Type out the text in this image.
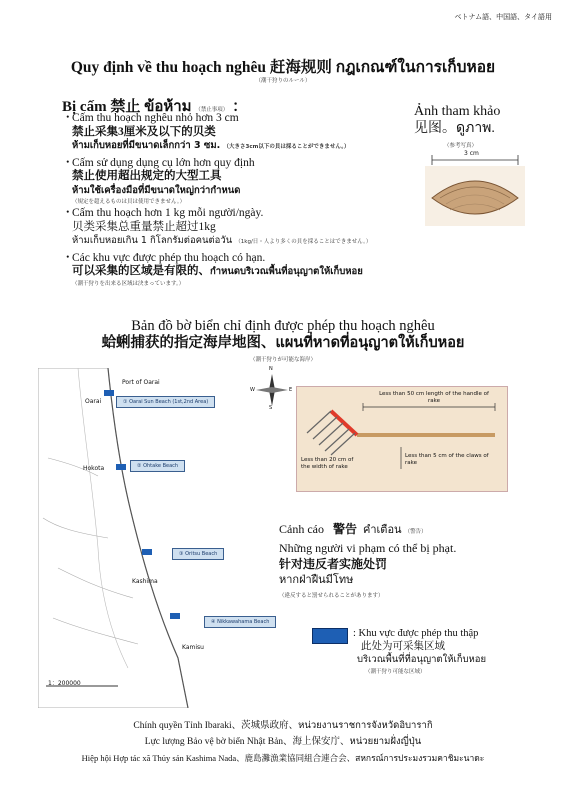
ベトナム語、中国語、タイ語用
Quy định về thu hoạch nghêu 赶海规则 กฎเกณฑ์ในการเก็บหอย
（潮干狩りのルール）
Bị cấm 禁止 ข้อห้าม （禁止事項） ：
・Cấm thu hoạch nghêu nhỏ hơn 3 cm
禁止采集3厘米及以下的贝类
ห้ามเก็บหอยที่มีขนาดเล็กกว่า 3 ซม. （大きさ3cm以下の貝は採ることができません。）
・Cấm sử dụng dụng cụ lớn hơn quy định
禁止使用超出规定的大型工具
ห้ามใช้เครื่องมือที่มีขนาดใหญ่กว่ากำหนด
（規定を超えるものは貝は使用できません。）
・Cấm thu hoạch hơn 1 kg mỗi người/ngày.
贝类采集总重量禁止超过1kg
ห้ามเก็บหอยเกิน 1 กิโลกรัมต่อคนต่อวัน （1kg/日・人より多くの貝を採ることはできません。）
・Các khu vực được phép thu hoạch có hạn.
可以采集的区域是有限的、กำหนดบริเวณพื้นที่อนุญาตให้เก็บหอย
（潮干狩りを出来る区域は決まっています。）
Ảnh tham khảo
见图。ดูภาพ.
（参考写真）
3 cm
Bản đồ bờ biển chỉ định được phép thu hoạch nghêu
蛤蜊捕获的指定海岸地图、แผนที่หาดที่อนุญาตให้เก็บหอย
（潮干狩りが可能な海岸）
① Oarai Sun Beach (1st,2nd Area)
② Ohtake Beach
③ Oritsu Beach
④ Nikkawahama Beach
Port of Oarai
Oarai
Hokota
Kashima
Kamisu
1：200000
N
S
W	E
Less than 50 cm length of the handle of rake
Less than 20 cm of the width of rake
Less than 5 cm of the claws of rake
Cảnh cáo 警告 คำเตือน （警告）
Những người vi phạm có thể bị phạt.
针对违反者实施处罚
หากฝ่าฝืนมีโทษ
（違反すると罰せられることがあります）
: Khu vực được phép thu thập
此处为可采集区域
บริเวณพื้นที่ที่อนุญาตให้เก็บหอย
（潮干狩り可能な区域）
Chính quyền Tỉnh Ibaraki、茨城県政府、หน่วยงานราชการจังหวัดอิบารากิ
Lực lượng Bảo vệ bờ biển Nhật Bản、海上保安庁、หน่วยยามฝั่งญี่ปุ่น
Hiệp hội Hợp tác xã Thủy sản Kashima Nada、鹿島灘漁業協同組合連合会、สหกรณ์การประมงรวมคาชิมะนาดะ
